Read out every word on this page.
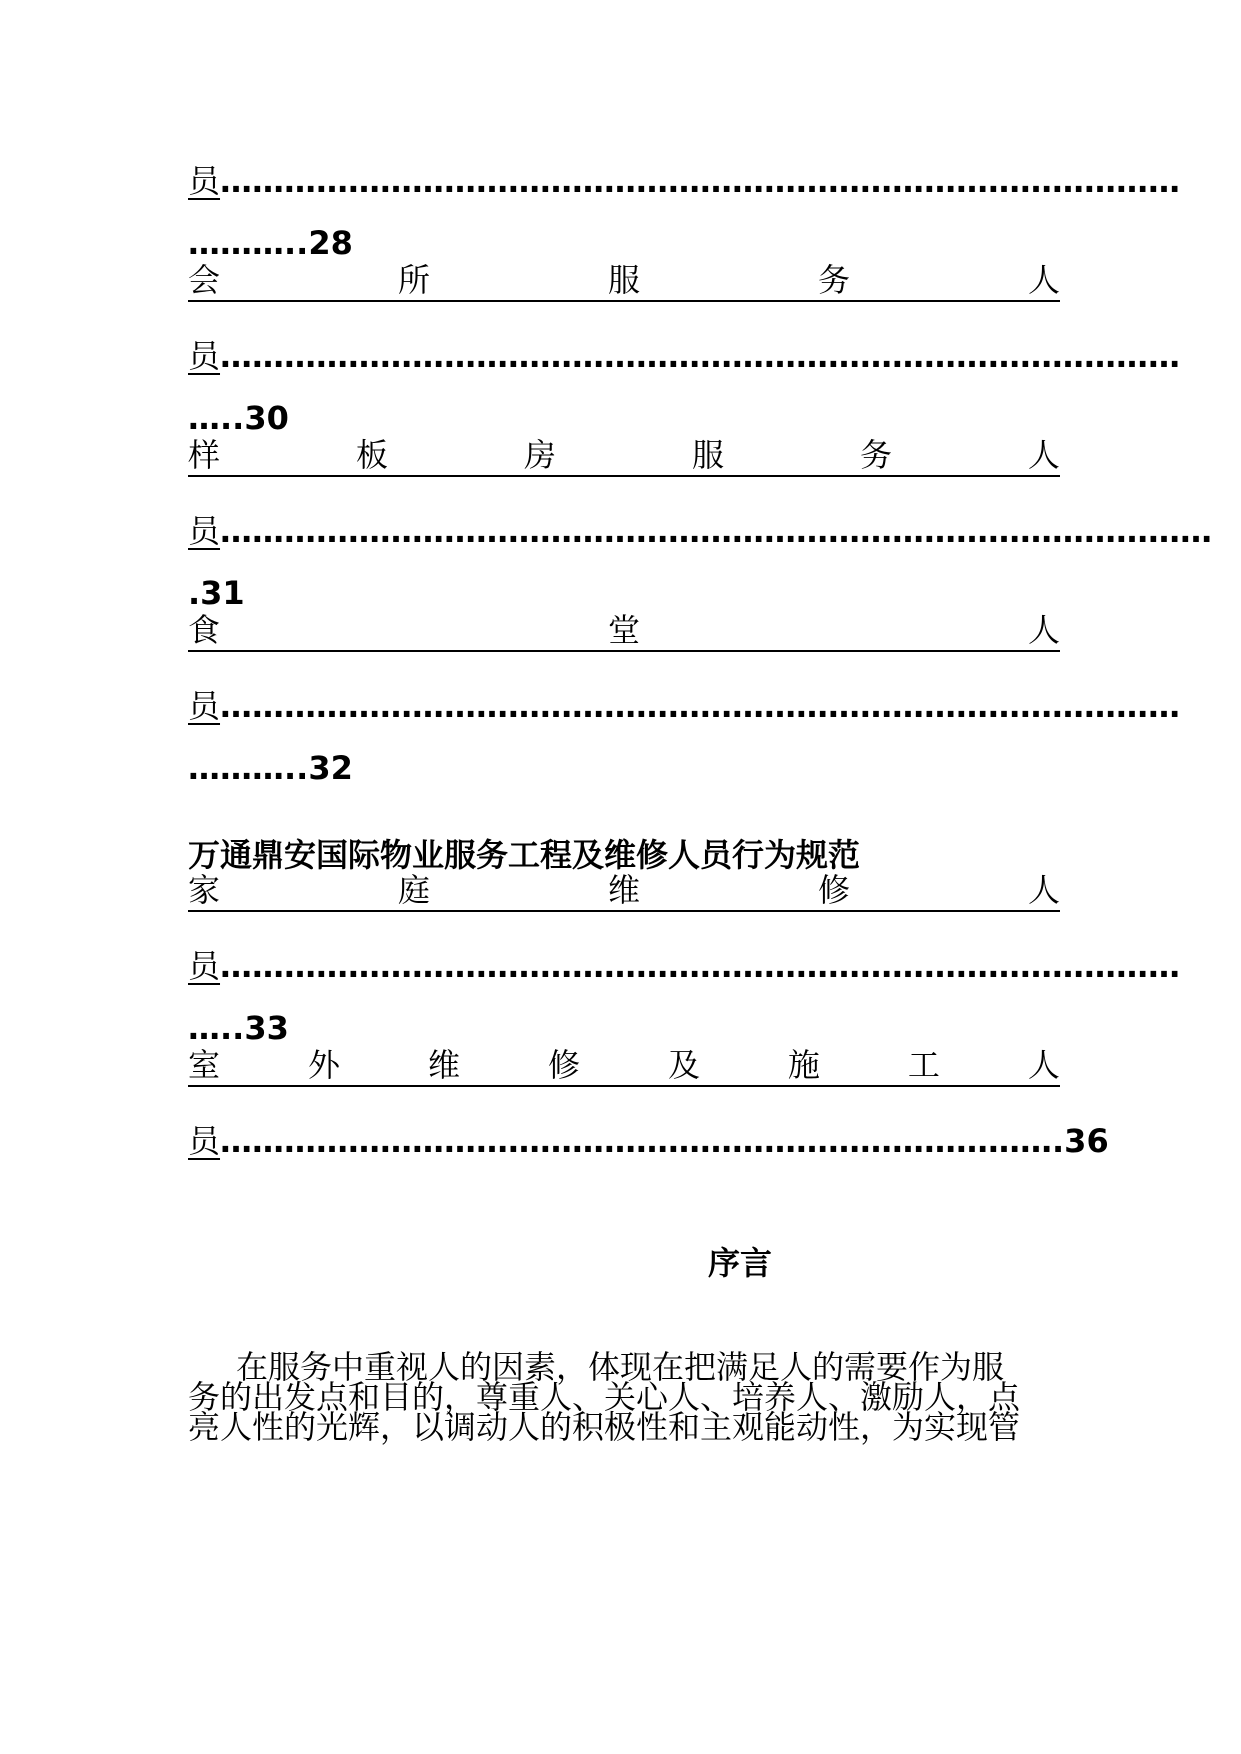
员………………………………………………………………………………
………..28
会	所	服	务	人
员………………………………………………………………………………
…..30
样	板	房	服	务	人
员…………………………………………………………………………………
.31
食	堂	人
员………………………………………………………………………………
………..32
万通鼎安国际物业服务工程及维修人员行为规范
家	庭	维	修	人
员………………………………………………………………………………
…..33
室	外	维	修	及	施	工	人
员…………………………………………………………………….36
序言

在服务中重视人的因素，体现在把满足人的需要作为服

务的出发点和目的，尊重人、关心人、培养人、激励人，点

亮人性的光辉，以调动人的积极性和主观能动性，为实现管
